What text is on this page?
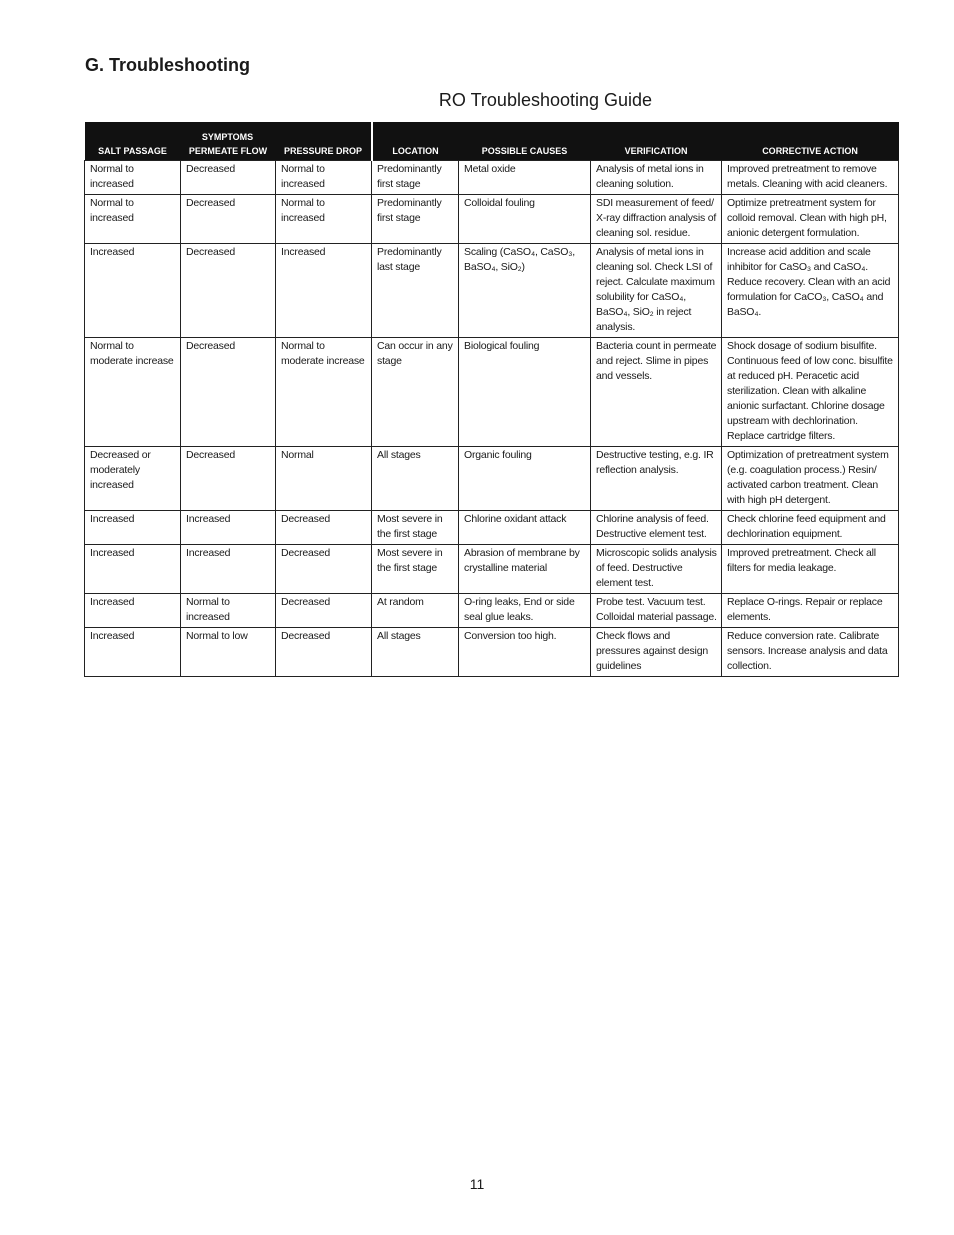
G. Troubleshooting
RO Troubleshooting Guide
SYMPTOMS						
SALT PASSAGE	PERMEATE FLOW	PRESSURE DROP	LOCATION	POSSIBLE CAUSES	VERIFICATION	CORRECTIVE ACTION
Normal to increased	Decreased	Normal to increased	Predominantly first stage	Metal oxide	Analysis of metal ions in cleaning solution.	Improved pretreatment to remove metals. Cleaning with acid cleaners.
Normal to increased	Decreased	Normal to increased	Predominantly first stage	Colloidal fouling	SDI measurement of feed/ X-ray diffraction analysis of cleaning sol. residue.	Optimize pretreatment system for colloid removal. Clean with high pH, anionic detergent formulation.
Increased	Decreased	Increased	Predominantly last stage	Scaling (CaSO₄, CaSO₃, BaSO₄, SiO₂)	Analysis of metal ions in cleaning sol. Check LSI of reject. Calculate maximum solubility for CaSO₄, BaSO₄, SiO₂ in reject analysis.	Increase acid addition and scale inhibitor for CaSO₃ and CaSO₄. Reduce recovery. Clean with an acid formulation for CaCO₃, CaSO₄ and BaSO₄.
Normal to moderate increase	Decreased	Normal to moderate increase	Can occur in any stage	Biological fouling	Bacteria count in permeate and reject. Slime in pipes and vessels.	Shock dosage of sodium bisulfite. Continuous feed of low conc. bisulfite at reduced pH. Peracetic acid sterilization. Clean with alkaline anionic surfactant. Chlorine dosage upstream with dechlorination. Replace cartridge filters.
Decreased or moderately increased	Decreased	Normal	All stages	Organic fouling	Destructive testing, e.g. IR reflection analysis.	Optimization of pretreatment system (e.g. coagulation process.) Resin/ activated carbon treatment. Clean with high pH detergent.
Increased	Increased	Decreased	Most severe in the first stage	Chlorine oxidant attack	Chlorine analysis of feed. Destructive element test.	Check chlorine feed equipment and dechlorination equipment.
Increased	Increased	Decreased	Most severe in the first stage	Abrasion of membrane by crystalline material	Microscopic solids analysis of feed. Destructive element test.	Improved pretreatment. Check all filters for media leakage.
Increased	Normal to increased	Decreased	At random	O-ring leaks, End or side seal glue leaks.	Probe test. Vacuum test. Colloidal material passage.	Replace O-rings. Repair or replace elements.
Increased	Normal to low	Decreased	All stages	Conversion too high.	Check flows and pressures against design guidelines	Reduce conversion rate. Calibrate sensors. Increase analysis and data collection.
11
